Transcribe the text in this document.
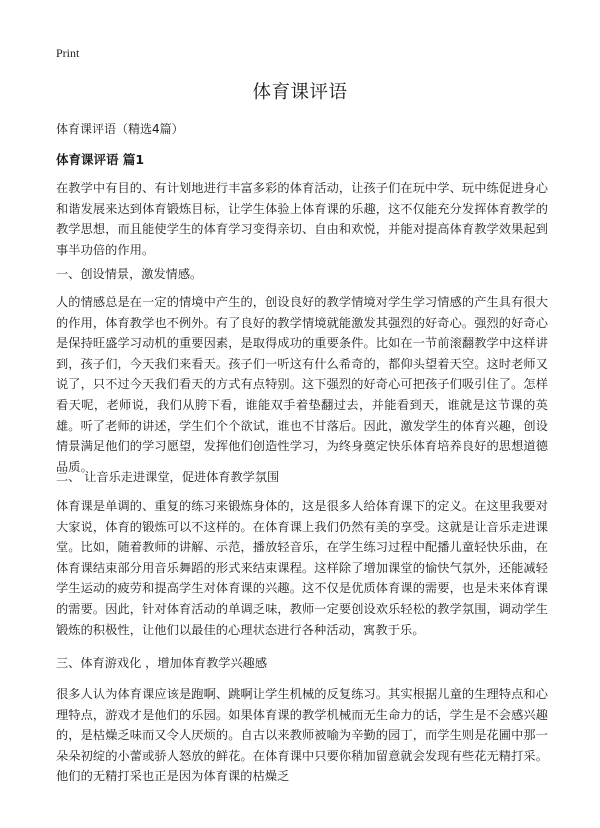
Print
体育课评语

体育课评语（精选4篇）

体育课评语 篇1

在教学中有目的、有计划地进行丰富多彩的体育活动，让孩子们在玩中学、玩中练促进身心和谐发展来达到体育锻炼目标，让学生体验上体育课的乐趣，这不仅能充分发挥体育教学的教学思想，而且能使学生的体育学习变得亲切、自由和欢悦，并能对提高体育教学效果起到事半功倍的作用。

一、创设情景，激发情感。

人的情感总是在一定的情境中产生的，创设良好的教学情境对学生学习情感的产生具有很大的作用，体育教学也不例外。有了良好的教学情境就能激发其强烈的好奇心。强烈的好奇心是保持旺盛学习动机的重要因素，是取得成功的重要条件。比如在一节前滚翻教学中这样讲到，孩子们，今天我们来看天。孩子们一听这有什么希奇的，都仰头望着天空。这时老师又说了，只不过今天我们看天的方式有点特别。这下强烈的好奇心可把孩子们吸引住了。怎样看天呢，老师说，我们从胯下看，谁能双手着垫翻过去，并能看到天，谁就是这节课的英雄。听了老师的讲述，学生们个个欲试，谁也不甘落后。因此，激发学生的体育兴趣，创设情景满足他们的学习愿望，发挥他们创造性学习，为终身奠定快乐体育培养良好的思想道德品质。

二、 让音乐走进课堂，促进体育教学氛围

体育课是单调的、重复的练习来锻炼身体的，这是很多人给体育课下的定义。在这里我要对大家说，体育的锻炼可以不这样的。在体育课上我们仍然有美的享受。这就是让音乐走进课堂。比如，随着教师的讲解、示范，播放轻音乐，在学生练习过程中配播儿童轻快乐曲，在体育课结束部分用音乐舞蹈的形式来结束课程。这样除了增加课堂的愉快气氛外，还能减轻学生运动的疲劳和提高学生对体育课的兴趣。这不仅是优质体育课的需要，也是未来体育课的需要。因此，针对体育活动的单调乏味，教师一定要创设欢乐轻松的教学氛围，调动学生锻炼的积极性，让他们以最佳的心理状态进行各种活动，寓教于乐。

三、体育游戏化 ，增加体育教学兴趣感

很多人认为体育课应该是跑啊、跳啊让学生机械的反复练习。其实根据儿童的生理特点和心理特点，游戏才是他们的乐园。如果体育课的教学机械而无生命力的话，学生是不会感兴趣的，是枯燥乏味而又令人厌烦的。自古以来教师被喻为辛勤的园丁，而学生则是花圃中那一朵朵初绽的小蕾或骄人怒放的鲜花。在体育课中只要你稍加留意就会发现有些花无精打采。他们的无精打采也正是因为体育课的枯燥乏
